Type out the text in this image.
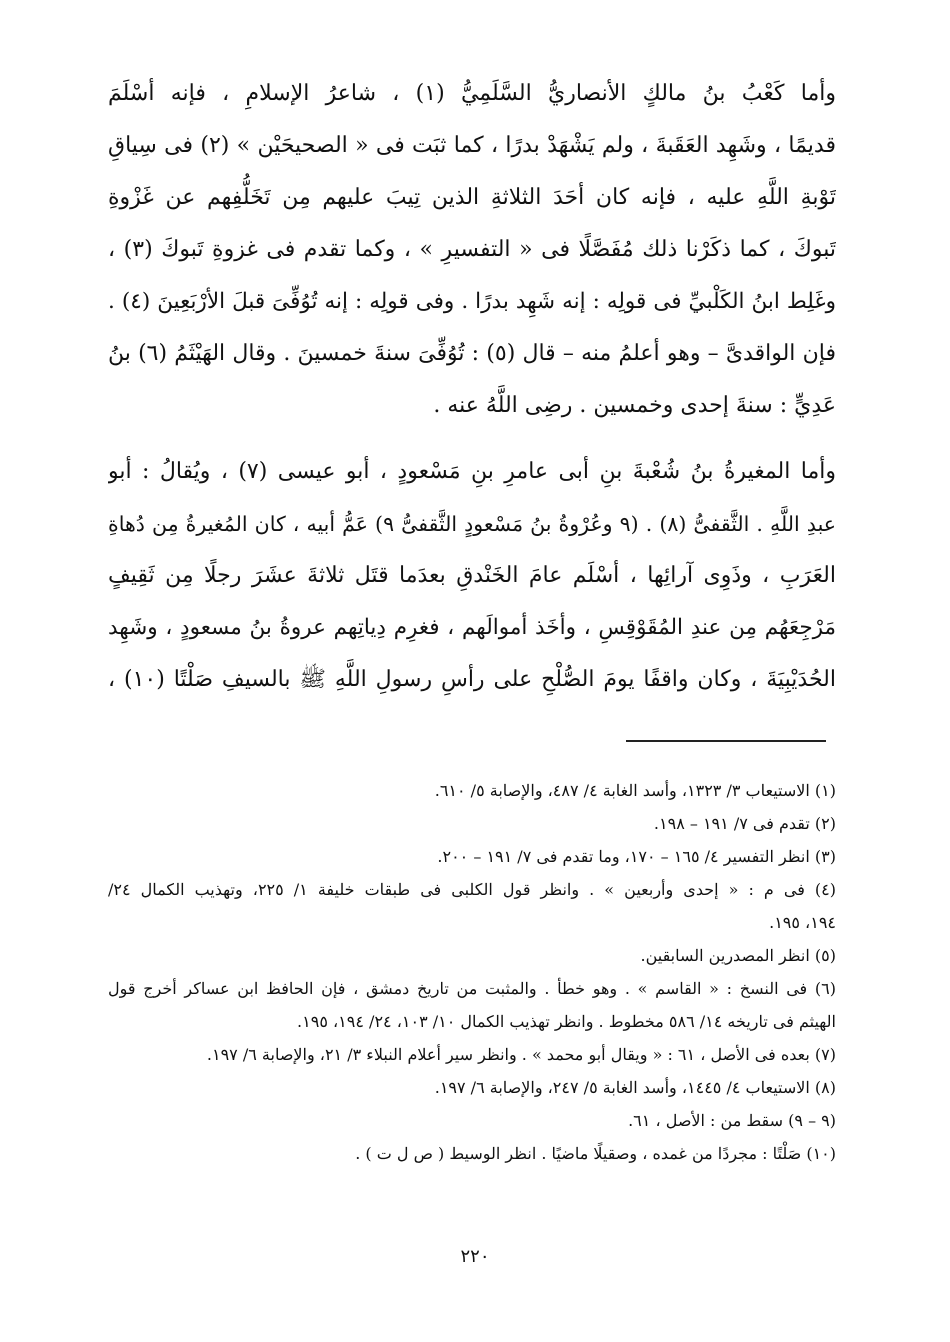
وأما كَعْبُ بنُ مالكٍ الأنصاريُّ السَّلَمِيُّ (١) ، شاعرُ الإسلامِ ، فإنه أسْلَمَ
قديمًا ، وشَهِد العَقَبةَ ، ولم يَشْهَدْ بدرًا ، كما ثبَت فى « الصحيحَيْن » (٢) فى سِياقِ
تَوْبةِ اللَّهِ عليه ، فإنه كان أحَدَ الثلاثةِ الذين تِيبَ عليهم مِن تَخَلُّفِهم عن غَزْوةِ
تَبوكَ ، كما ذكَرْنا ذلك مُفَصَّلًا فى « التفسيرِ » ، وكما تقدم فى غزوةِ تَبوكَ (٣) ،
وغَلِط ابنُ الكَلْبيِّ فى قولِه : إنه شَهِد بدرًا . وفى قولِه : إنه تُوُفِّىَ قبلَ الأرْبَعِينَ (٤) .
فإن الواقدىَّ – وهو أعلمُ منه – قال (٥) : تُوُفِّىَ سنةَ خمسينَ . وقال الهَيْثَمُ (٦) بنُ
عَدِيٍّ : سنةَ إحدى وخمسين . رضِى اللَّهُ عنه .
وأما المغيرةُ بنُ شُعْبةَ بنِ أبى عامرِ بنِ مَسْعودٍ ، أبو عيسى (٧) ، ويُقالُ : أبو
عبدِ اللَّهِ . الثَّقفىُّ (٨) . (٩ وعُرْوةُ بنُ مَسْعودٍ الثَّقفىُّ ٩) عَمُّ أبيه ، كان المُغيرةُ مِن دُهاةِ
العَرَبِ ، وذَوِى آرائِها ، أسْلَم عامَ الخَنْدقِ بعدَما قتَل ثلاثةَ عشَرَ رجلًا مِن ثَقِيفٍ
مَرْجِعَهُم مِن عندِ المُقَوْقِسِ ، وأخَذ أموالَهم ، فغرِم دِياتِهم عروةُ بنُ مسعودٍ ، وشَهِد
الحُدَيْبِيَةَ ، وكان واقفًا يومَ الصُّلْحِ على رأسِ رسولِ اللَّهِ ﷺ بالسيفِ صَلْتًا (١٠) ،
(١) الاستيعاب ٣/ ١٣٢٣، وأسد الغابة ٤/ ٤٨٧، والإصابة ٥/ ٦١٠.
(٢) تقدم فى ٧/ ١٩١ – ١٩٨.
(٣) انظر التفسير ٤/ ١٦٥ – ١٧٠، وما تقدم فى ٧/ ١٩١ – ٢٠٠.
(٤) فى م : « إحدى وأربعين » . وانظر قول الكلبى فى طبقات خليفة ١/ ٢٢٥، وتهذيب الكمال ٢٤/
١٩٤، ١٩٥.
(٥) انظر المصدرين السابقين.
(٦) فى النسخ : « القاسم » . وهو خطأ . والمثبت من تاريخ دمشق ، فإن الحافظ ابن عساكر أخرج قول
الهيثم فى تاريخه ١٤/ ٥٨٦ مخطوط . وانظر تهذيب الكمال ١٠/ ١٠٣، ٢٤/ ١٩٤، ١٩٥.
(٧) بعده فى الأصل ، ٦١ : « ويقال أبو محمد » . وانظر سير أعلام النبلاء ٣/ ٢١، والإصابة ٦/ ١٩٧.
(٨) الاستيعاب ٤/ ١٤٤٥، وأسد الغابة ٥/ ٢٤٧، والإصابة ٦/ ١٩٧.
(٩ – ٩) سقط من : الأصل ، ٦١.
(١٠) صَلْتًا : مجردًا من غمده ، وصقيلًا ماضيًا . انظر الوسيط ( ص ل ت ) .
٢٢٠
